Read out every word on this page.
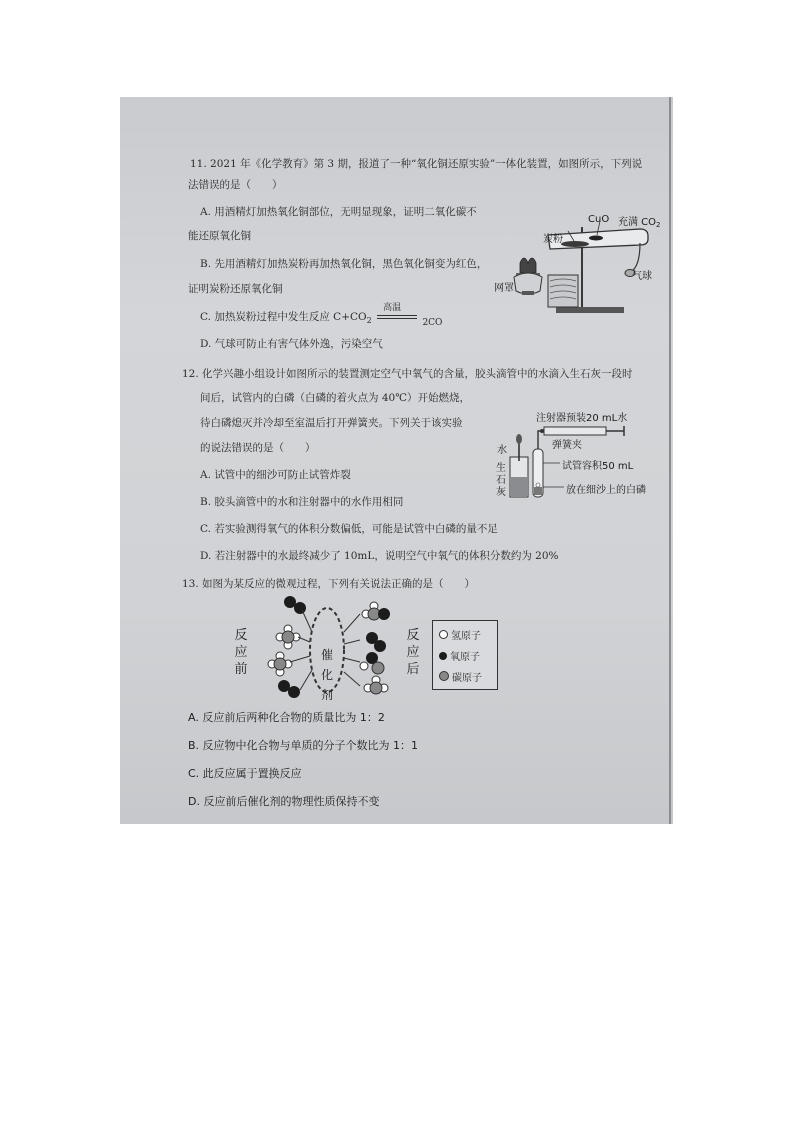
11. 2021 年《化学教育》第 3 期，报道了一种“氧化铜还原实验”一体化装置，如图所示，下列说
法错误的是（　　）
A. 用酒精灯加热氧化铜部位，无明显现象，证明二氧化碳不
能还原氧化铜
B. 先用酒精灯加热炭粉再加热氧化铜，黑色氧化铜变为红色，
证明炭粉还原氧化铜
C. 加热炭粉过程中发生反应 $C+CO_2$
高温
2CO
D. 气球可防止有害气体外逸，污染空气
CuO 充满 $CO_2$
炭粉
气球
网罩
12. 化学兴趣小组设计如图所示的装置测定空气中氧气的含量，胶头滴管中的水滴入生石灰一段时
间后，试管内的白磷（白磷的着火点为 40℃）开始燃烧，
待白磷熄灭并冷却至室温后打开弹簧夹。下列关于该实验
的说法错误的是（　　）
A. 试管中的细沙可防止试管炸裂
B. 胶头滴管中的水和注射器中的水作用相同
C. 若实验测得氧气的体积分数偏低，可能是试管中白磷的量不足
D. 若注射器中的水最终减少了 10mL，说明空气中氧气的体积分数约为 20%
注射器预装20 mL水
弹簧夹
水
生
石
灰
试管容积50 mL
放在细沙上的白磷
13. 如图为某反应的微观过程，下列有关说法正确的是（　　）
反
应
前
反
应
后
催
化
剂
氢原子
氧原子
碳原子
A. 反应前后两种化合物的质量比为 1：2
B. 反应物中化合物与单质的分子个数比为 1：1
C. 此反应属于置换反应
D. 反应前后催化剂的物理性质保持不变
